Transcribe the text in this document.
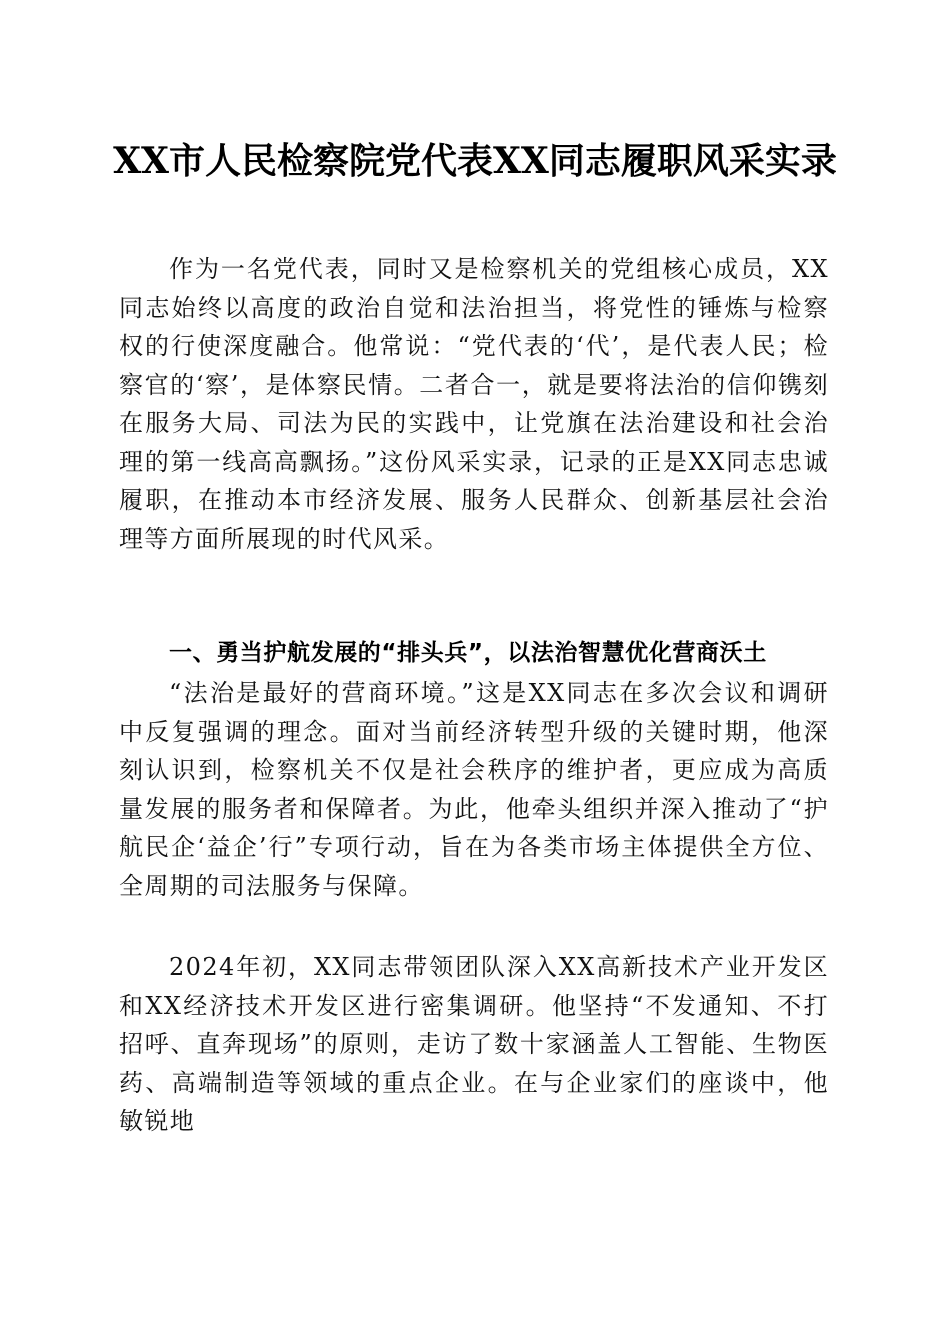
XX市人民检察院党代表XX同志履职风采实录

作为一名党代表，同时又是检察机关的党组核心成员，XX同志始终以高度的政治自觉和法治担当，将党性的锤炼与检察权的行使深度融合。他常说：“党代表的‘代’，是代表人民；检察官的‘察’，是体察民情。二者合一，就是要将法治的信仰镌刻在服务大局、司法为民的实践中，让党旗在法治建设和社会治理的第一线高高飘扬。”这份风采实录，记录的正是XX同志忠诚履职，在推动本市经济发展、服务人民群众、创新基层社会治理等方面所展现的时代风采。

一、勇当护航发展的“排头兵”，以法治智慧优化营商沃土

“法治是最好的营商环境。”这是XX同志在多次会议和调研中反复强调的理念。面对当前经济转型升级的关键时期，他深刻认识到，检察机关不仅是社会秩序的维护者，更应成为高质量发展的服务者和保障者。为此，他牵头组织并深入推动了“护航民企‘益企’行”专项行动，旨在为各类市场主体提供全方位、全周期的司法服务与保障。

2024年初，XX同志带领团队深入XX高新技术产业开发区和XX经济技术开发区进行密集调研。他坚持“不发通知、不打招呼、直奔现场”的原则，走访了数十家涵盖人工智能、生物医药、高端制造等领域的重点企业。在与企业家们的座谈中，他敏锐地
